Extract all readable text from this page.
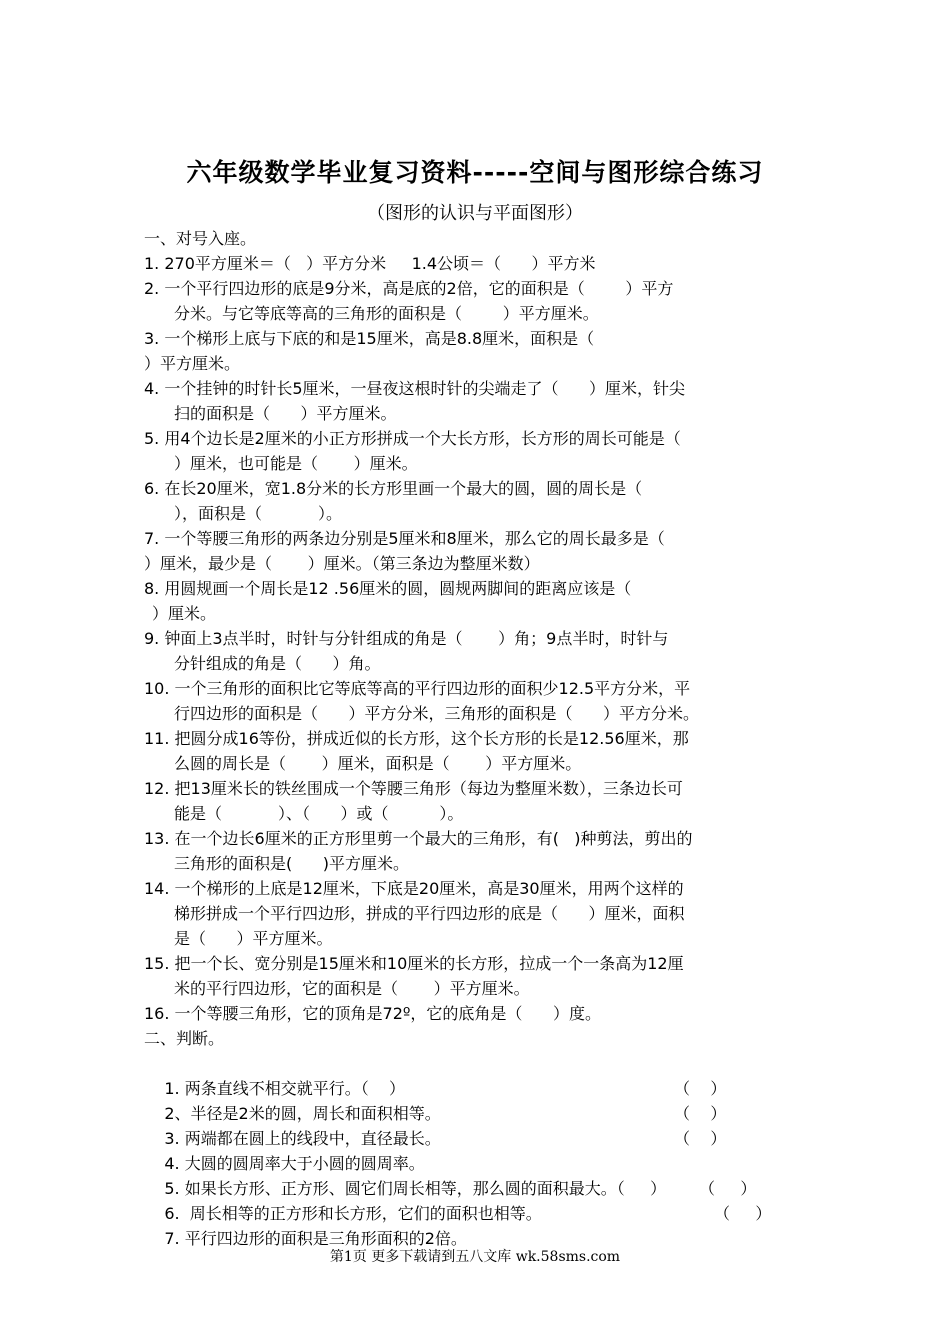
六年级数学毕业复习资料-----空间与图形综合练习
（图形的认识与平面图形）
一、对号入座。
1. 270平方厘米＝（   ）平方分米     1.4公顷＝（      ）平方米
2. 一个平行四边形的底是9分米，高是底的2倍，它的面积是（        ）平方
分米。与它等底等高的三角形的面积是（        ）平方厘米。
3. 一个梯形上底与下底的和是15厘米，高是8.8厘米，面积是（
）平方厘米。
4. 一个挂钟的时针长5厘米，一昼夜这根时针的尖端走了（      ）厘米，针尖
扫的面积是（      ）平方厘米。
5. 用4个边长是2厘米的小正方形拼成一个大长方形，长方形的周长可能是（
）厘米，也可能是（       ）厘米。
6. 在长20厘米，宽1.8分米的长方形里画一个最大的圆，圆的周长是（
），面积是（           ）。
7. 一个等腰三角形的两条边分别是5厘米和8厘米，那么它的周长最多是（
）厘米，最少是（       ）厘米。（第三条边为整厘米数）
8. 用圆规画一个周长是12 .56厘米的圆，圆规两脚间的距离应该是（
）厘米。
9. 钟面上3点半时，时针与分针组成的角是（       ）角；9点半时，时针与
分针组成的角是（      ）角。
10. 一个三角形的面积比它等底等高的平行四边形的面积少12.5平方分米，平
行四边形的面积是（      ）平方分米，三角形的面积是（      ）平方分米。
11. 把圆分成16等份，拼成近似的长方形，这个长方形的长是12.56厘米，那
么圆的周长是（       ）厘米，面积是（       ）平方厘米。
12. 把13厘米长的铁丝围成一个等腰三角形（每边为整厘米数），三条边长可
能是（           ）、（      ）或（          ）。
13. 在一个边长6厘米的正方形里剪一个最大的三角形，有(   )种剪法，剪出的
三角形的面积是(      )平方厘米。
14. 一个梯形的上底是12厘米，下底是20厘米，高是30厘米，用两个这样的
梯形拼成一个平行四边形，拼成的平行四边形的底是（      ）厘米，面积
是（      ）平方厘米。
15. 把一个长、宽分别是15厘米和10厘米的长方形，拉成一个一条高为12厘
米的平行四边形，它的面积是（       ）平方厘米。
16. 一个等腰三角形，它的顶角是72º，它的底角是（      ）度。
二、判断。

1. 两条直线不相交就平行。（    ）

2、半径是2米的圆，周长和面积相等。

（    ）

3. 两端都在圆上的线段中，直径最长。

（    ）

4. 大圆的圆周率大于小圆的圆周率。

（    ）

5. 如果长方形、正方形、圆它们周长相等，那么圆的面积最大。（     ）

6.  周长相等的正方形和长方形，它们的面积也相等。

（     ）

7. 平行四边形的面积是三角形面积的2倍。

（     ）

第1页 更多下载请到五八文库 wk.58sms.com
